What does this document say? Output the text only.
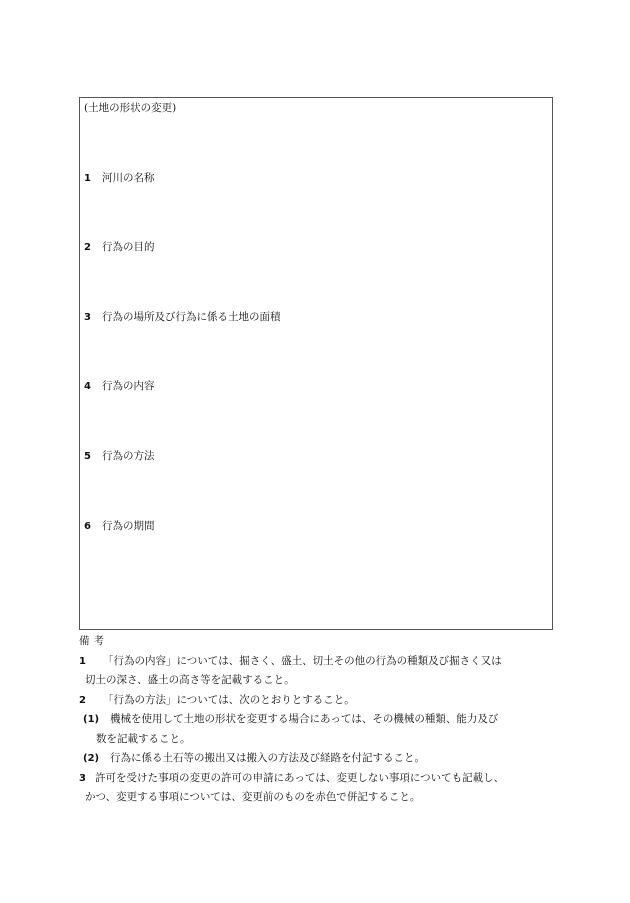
(土地の形状の変更)
1 河川の名称
2 行為の目的
3 行為の場所及び行為に係る土地の面積
4 行為の内容
5 行為の方法
6 行為の期間
備考
1 「行為の内容」については、掘さく、盛土、切土その他の行為の種類及び掘さく又は
切土の深さ、盛土の高さ等を記載すること。
2 「行為の方法」については、次のとおりとすること。
(1) 機械を使用して土地の形状を変更する場合にあっては、その機械の種類、能力及び
数を記載すること。
(2) 行為に係る土石等の搬出又は搬入の方法及び経路を付記すること。
3 許可を受けた事項の変更の許可の申請にあっては、変更しない事項についても記載し、
かつ、変更する事項については、変更前のものを赤色で併記すること。
